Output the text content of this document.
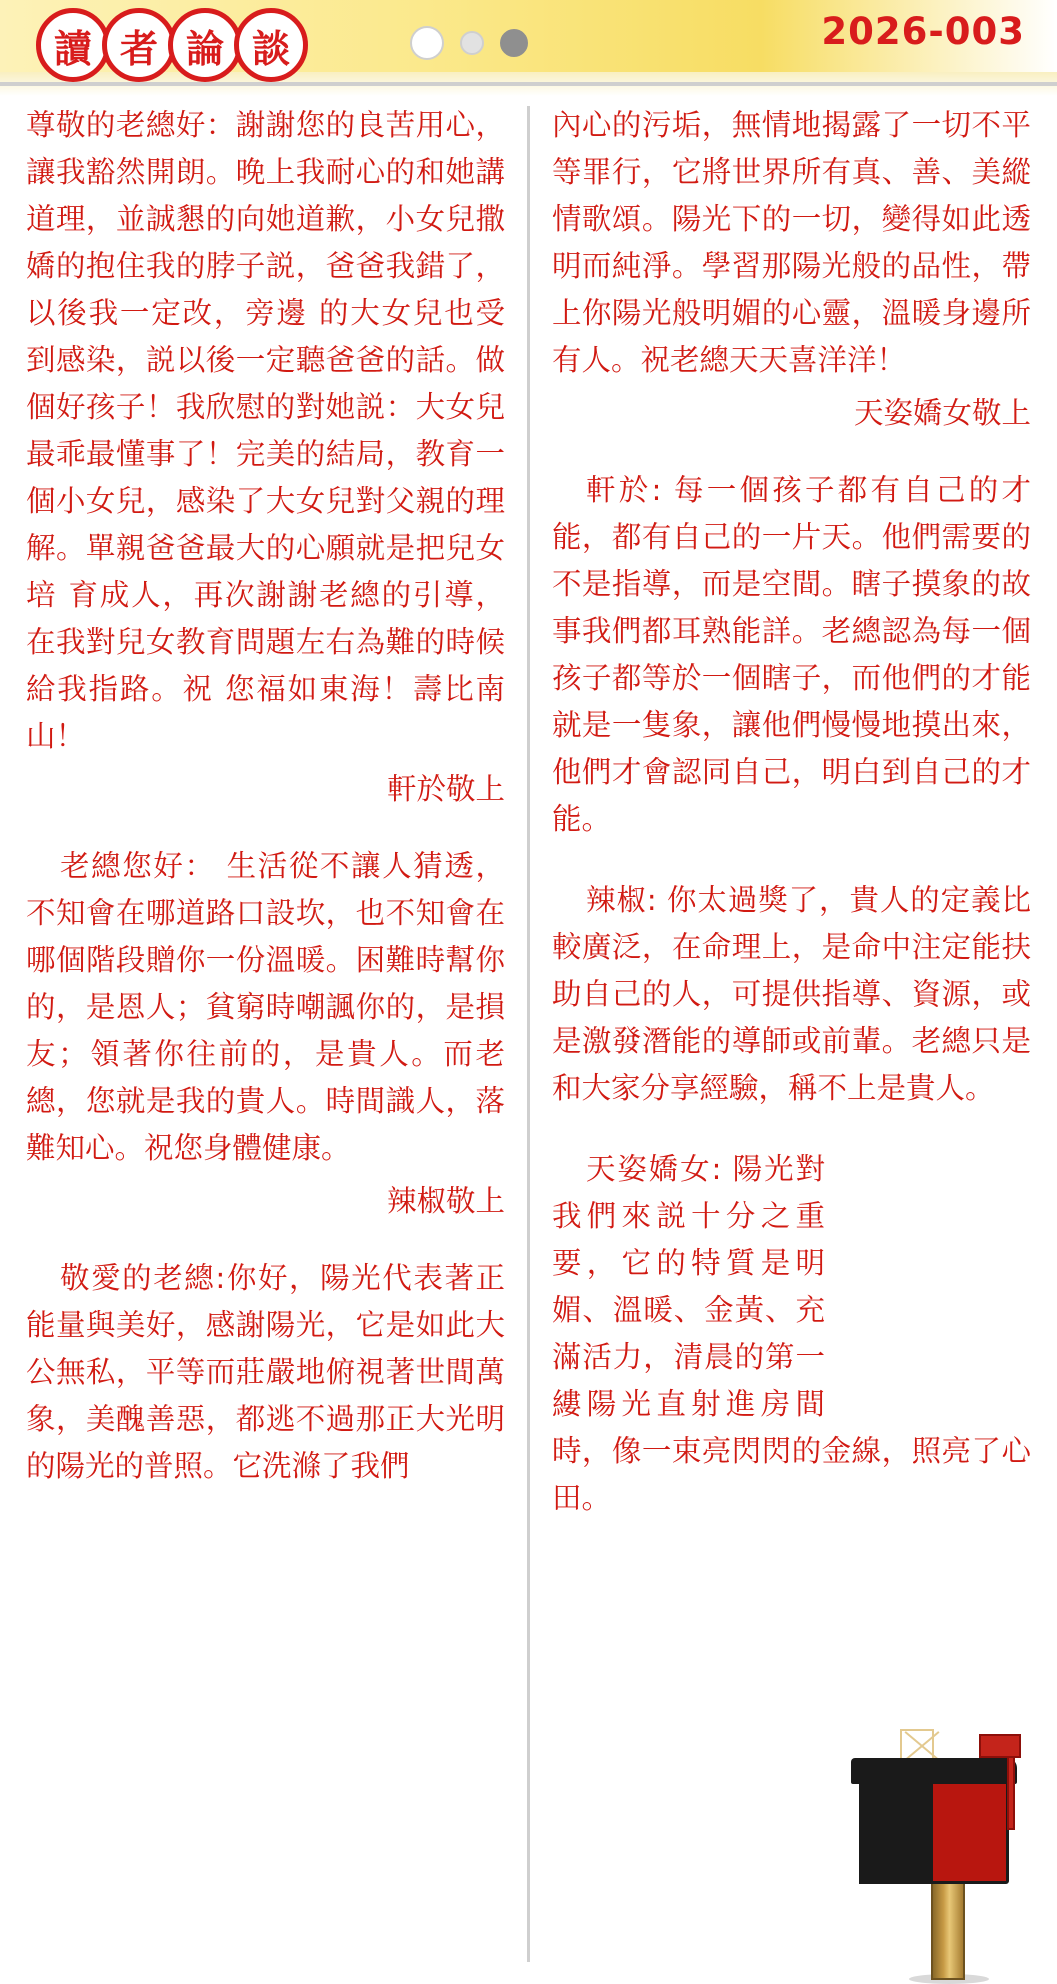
讀 者 論 談	2026-003

尊敬的老總好：謝謝您的良苦用心，讓我豁然開朗。晚上我耐心的和她講道理，並誠懇的向她道歉，小女兒撒嬌的抱住我的脖子説，爸爸我錯了，以後我一定改，旁邊 的大女兒也受到感染，説以後一定聽爸爸的話。做個好孩子！我欣慰的對她説：大女兒最乖最懂事了！完美的結局，教育一個小女兒，感染了大女兒對父親的理解。單親爸爸最大的心願就是把兒女培 育成人，再次謝謝老總的引導，在我對兒女教育問題左右為難的時候給我指路。祝 您福如東海！壽比南山！

軒於敬上

老總您好： 生活從不讓人猜透，不知會在哪道路口設坎，也不知會在哪個階段贈你一份溫暖。困難時幫你的，是恩人；貧窮時嘲諷你的，是損友；領著你往前的，是貴人。而老總，您就是我的貴人。時間識人，落難知心。祝您身體健康。

辣椒敬上

敬愛的老總:你好，陽光代表著正能量與美好，感謝陽光，它是如此大公無私，平等而莊嚴地俯視著世間萬象，美醜善惡，都逃不過那正大光明的陽光的普照。它洗滌了我們

內心的污垢，無情地揭露了一切不平等罪行，它將世界所有真、善、美縱情歌頌。陽光下的一切，變得如此透明而純淨。學習那陽光般的品性，帶上你陽光般明媚的心靈，溫暖身邊所有人。祝老總天天喜洋洋！

天姿嬌女敬上

軒於: 每一個孩子都有自己的才能，都有自己的一片天。他們需要的不是指導，而是空間。瞎子摸象的故事我們都耳熟能詳。老總認為每一個孩子都等於一個瞎子，而他們的才能就是一隻象，讓他們慢慢地摸出來，他們才會認同自己，明白到自己的才能。

辣椒: 你太過獎了，貴人的定義比較廣泛，在命理上，是命中注定能扶助自己的人，可提供指導、資源，或是激發潛能的導師或前輩。老總只是和大家分享經驗，稱不上是貴人。

天姿嬌女: 陽光對我們來説十分之重要，它的特質是明媚、溫暖、金黃、充滿活力，清晨的第一縷陽光直射進房間時，像一束亮閃閃的金線，照亮了心田。
